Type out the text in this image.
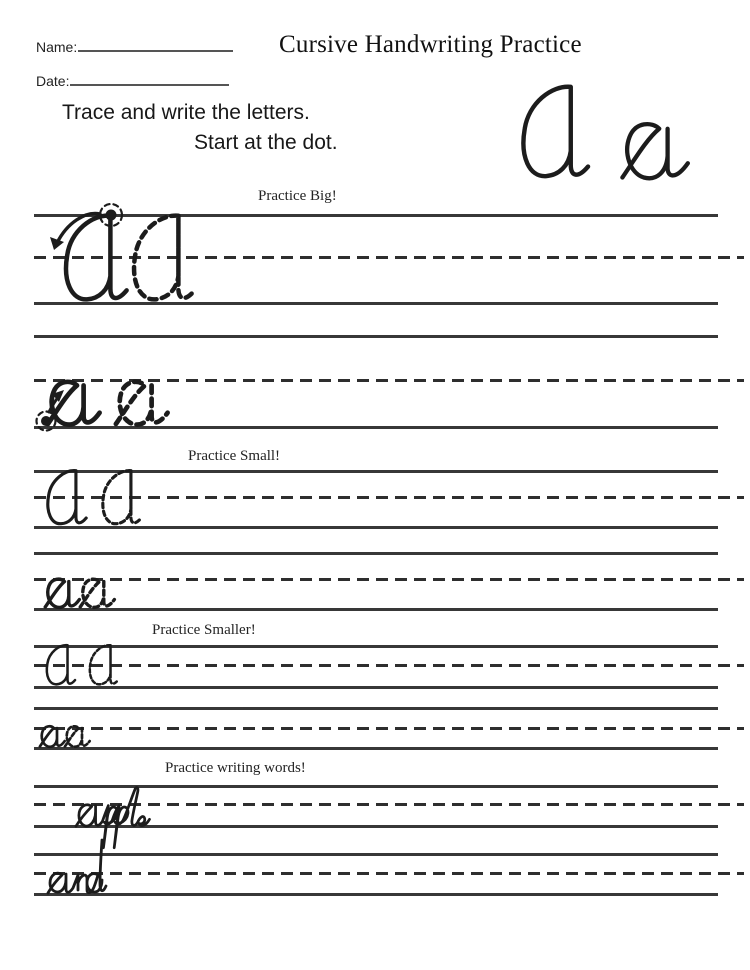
Name:
Date:
Cursive Handwriting Practice
Trace and write the letters.
Start at the dot.
Practice Big!
Practice Small!
Practice Smaller!
Practice writing words!
